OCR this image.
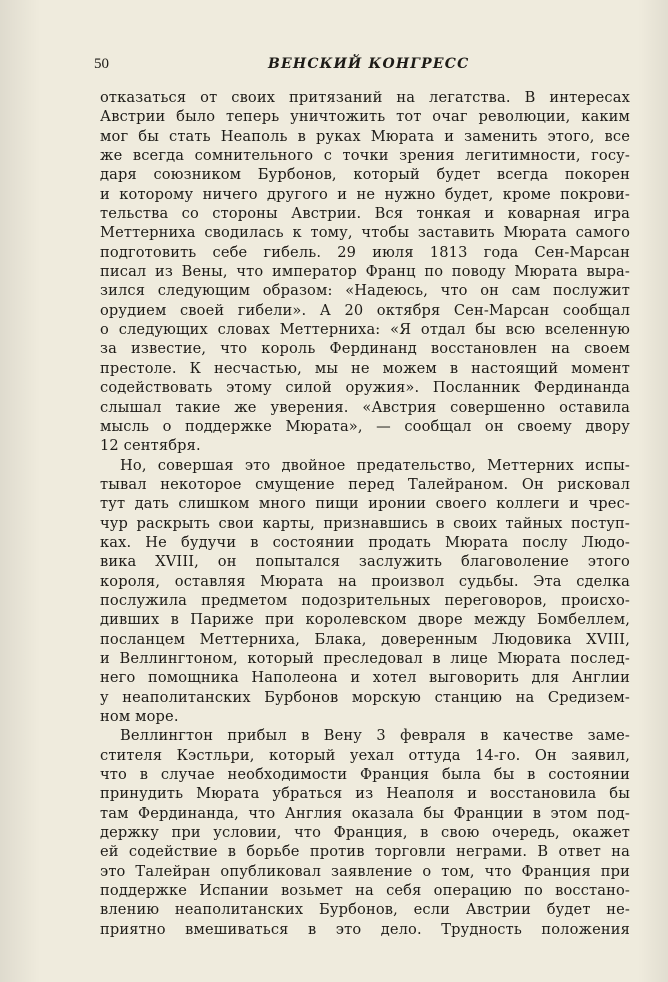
50	ВЕНСКИЙ КОНГРЕСС
отказаться от своих притязаний на легатства. В интересах
Австрии было теперь уничтожить тот очаг революции, каким
мог бы стать Неаполь в руках Мюрата и заменить этого, все
же всегда сомнительного с точки зрения легитимности, госу-
даря союзником Бурбонов, который будет всегда покорен
и которому ничего другого и не нужно будет, кроме покрови-
тельства со стороны Австрии. Вся тонкая и коварная игра
Меттерниха сводилась к тому, чтобы заставить Мюрата самого
подготовить себе гибель. 29 июля 1813 года Сен-Марсан
писал из Вены, что император Франц по поводу Мюрата выра-
зился следующим образом: «Надеюсь, что он сам послужит
орудием своей гибели». А 20 октября Сен-Марсан сообщал
о следующих словах Меттерниха: «Я отдал бы всю вселенную
за известие, что король Фердинанд восстановлен на своем
престоле. К несчастью, мы не можем в настоящий момент
содействовать этому силой оружия». Посланник Фердинанда
слышал такие же уверения. «Австрия совершенно оставила
мысль о поддержке Мюрата», — сообщал он своему двору
12 сентября.
Но, совершая это двойное предательство, Меттерних испы-
тывал некоторое смущение перед Талейраном. Он рисковал
тут дать слишком много пищи иронии своего коллеги и чрес-
чур раскрыть свои карты, признавшись в своих тайных поступ-
ках. Не будучи в состоянии продать Мюрата послу Людо-
вика XVIII, он попытался заслужить благоволение этого
короля, оставляя Мюрата на произвол судьбы. Эта сделка
послужила предметом подозрительных переговоров, происхо-
дивших в Париже при королевском дворе между Бомбеллем,
посланцем Меттерниха, Блака, доверенным Людовика XVIII,
и Веллингтоном, который преследовал в лице Мюрата послед-
него помощника Наполеона и хотел выговорить для Англии
у неаполитанских Бурбонов морскую станцию на Средизем-
ном море.
Веллингтон прибыл в Вену 3 февраля в качестве заме-
стителя Кэстльри, который уехал оттуда 14-го. Он заявил,
что в случае необходимости Франция была бы в состоянии
принудить Мюрата убраться из Неаполя и восстановила бы
там Фердинанда, что Англия оказала бы Франции в этом под-
держку при условии, что Франция, в свою очередь, окажет
ей содействие в борьбе против торговли неграми. В ответ на
это Талейран опубликовал заявление о том, что Франция при
поддержке Испании возьмет на себя операцию по восстано-
влению неаполитанских Бурбонов, если Австрии будет не-
приятно вмешиваться в это дело. Трудность положения
